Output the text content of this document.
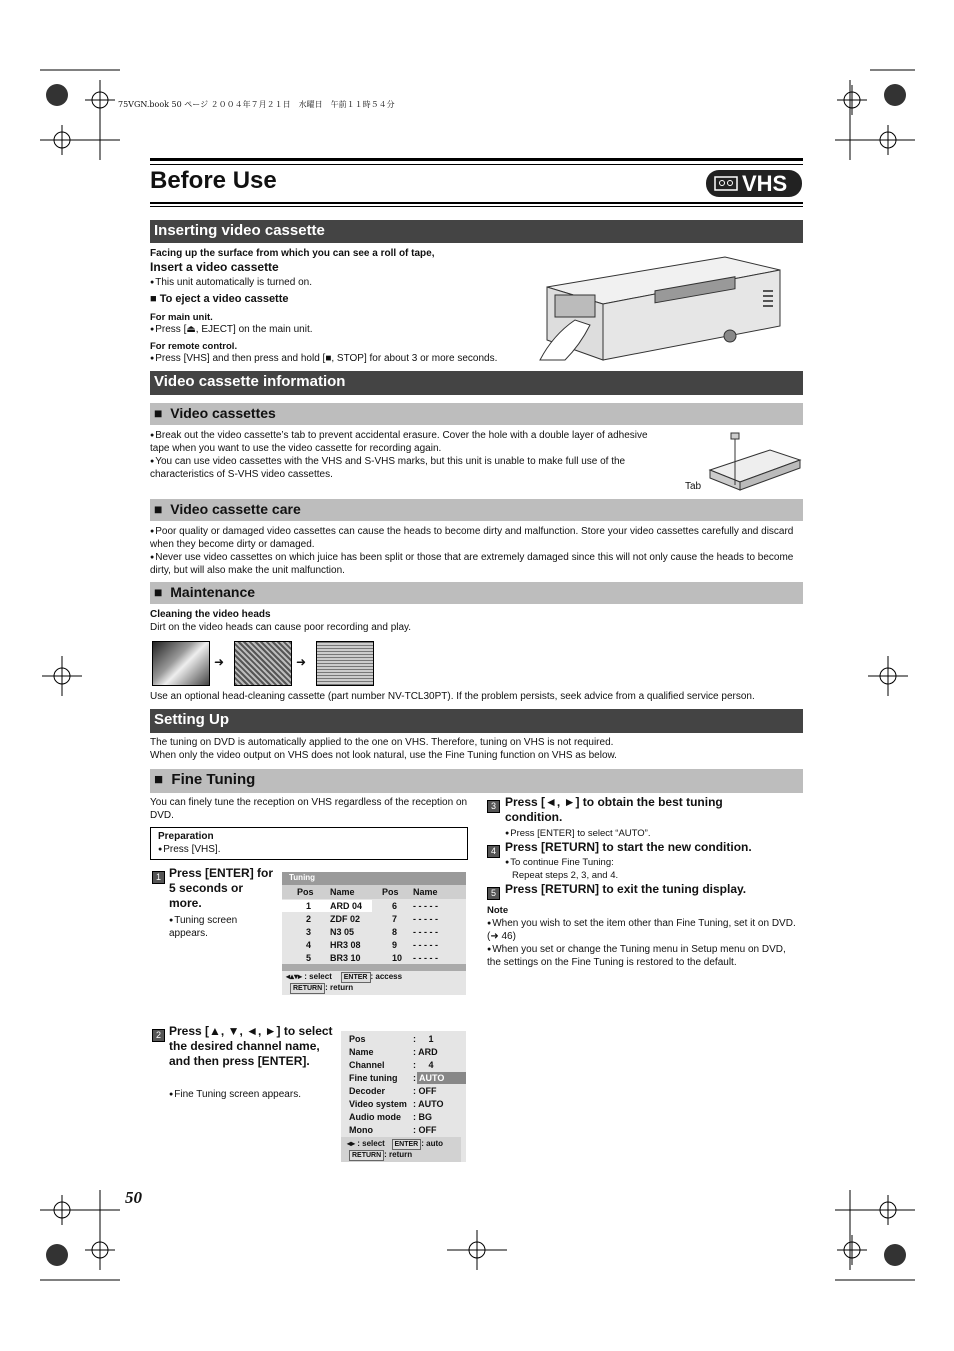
75VGN.book 50 ページ ２００４年７月２１日　水曜日　午前１１時５４分
Before Use	VHS
Inserting video cassette
Facing up the surface from which you can see a roll of tape,
Insert a video cassette
● This unit automatically is turned on.
■ To eject a video cassette
For main unit.
● Press [⏏, EJECT] on the main unit.
For remote control.
● Press [VHS] and then press and hold [■, STOP] for about 3 or more seconds.
Video cassette information
■  Video cassettes
● Break out the video cassette’s tab to prevent accidental erasure. Cover the hole with a double layer of adhesive tape when you want to use the video cassette for recording again.
● You can use video cassettes with the VHS and S-VHS marks, but this unit is unable to make full use of the characteristics of S-VHS video cassettes.
Tab
■  Video cassette care
● Poor quality or damaged video cassettes can cause the heads to become dirty and malfunction. Store your video cassettes carefully and discard when they become dirty or damaged.
● Never use video cassettes on which juice has been split or those that are extremely damaged since this will not only cause the heads to become dirty, but will also make the unit malfunction.
■  Maintenance
Cleaning the video heads
Dirt on the video heads can cause poor recording and play.
➜	➜
Use an optional head-cleaning cassette (part number NV-TCL30PT). If the problem persists, seek advice from a qualified service person.
Setting Up
The tuning on DVD is automatically applied to the one on VHS. Therefore, tuning on VHS is not required.
When only the video output on VHS does not look natural, use the Fine Tuning function on VHS as below.
■  Fine Tuning
You can finely tune the reception on VHS regardless of the reception on DVD.
Preparation
● Press [VHS].
1 Press [ENTER] for 5 seconds or more.
● Tuning screen appears.
Tuning
Pos Name	Pos Name
1 ARD 04	6 - - - - -
2 ZDF 02	7 - - - - -
3 N3 05	8 - - - - -
4 HR3 08	9 - - - - -
5 BR3 10	10 - - - - -
◂▴▾▸ : select ENTER : access
RETURN : return
2 Press [▲, ▼, ◄, ►] to select the desired channel name, and then press [ENTER].
● Fine Tuning screen appears.
Pos	:     1
Name	: ARD
Channel	:     4
Fine tuning : AUTO
Decoder	: OFF
Video system : AUTO
Audio mode : BG
Mono	: OFF
◂▸ : select ENTER : auto
RETURN : return
3 Press [◄, ►] to obtain the best tuning condition.
● Press [ENTER] to select “AUTO”.
4 Press [RETURN] to start the new condition.
● To continue Fine Tuning:
Repeat steps 2, 3, and 4.
5 Press [RETURN] to exit the tuning display.
Note
● When you wish to set the item other than Fine Tuning, set it on DVD. (➜ 46)
● When you set or change the Tuning menu in Setup menu on DVD, the settings on the Fine Tuning is restored to the default.
50
